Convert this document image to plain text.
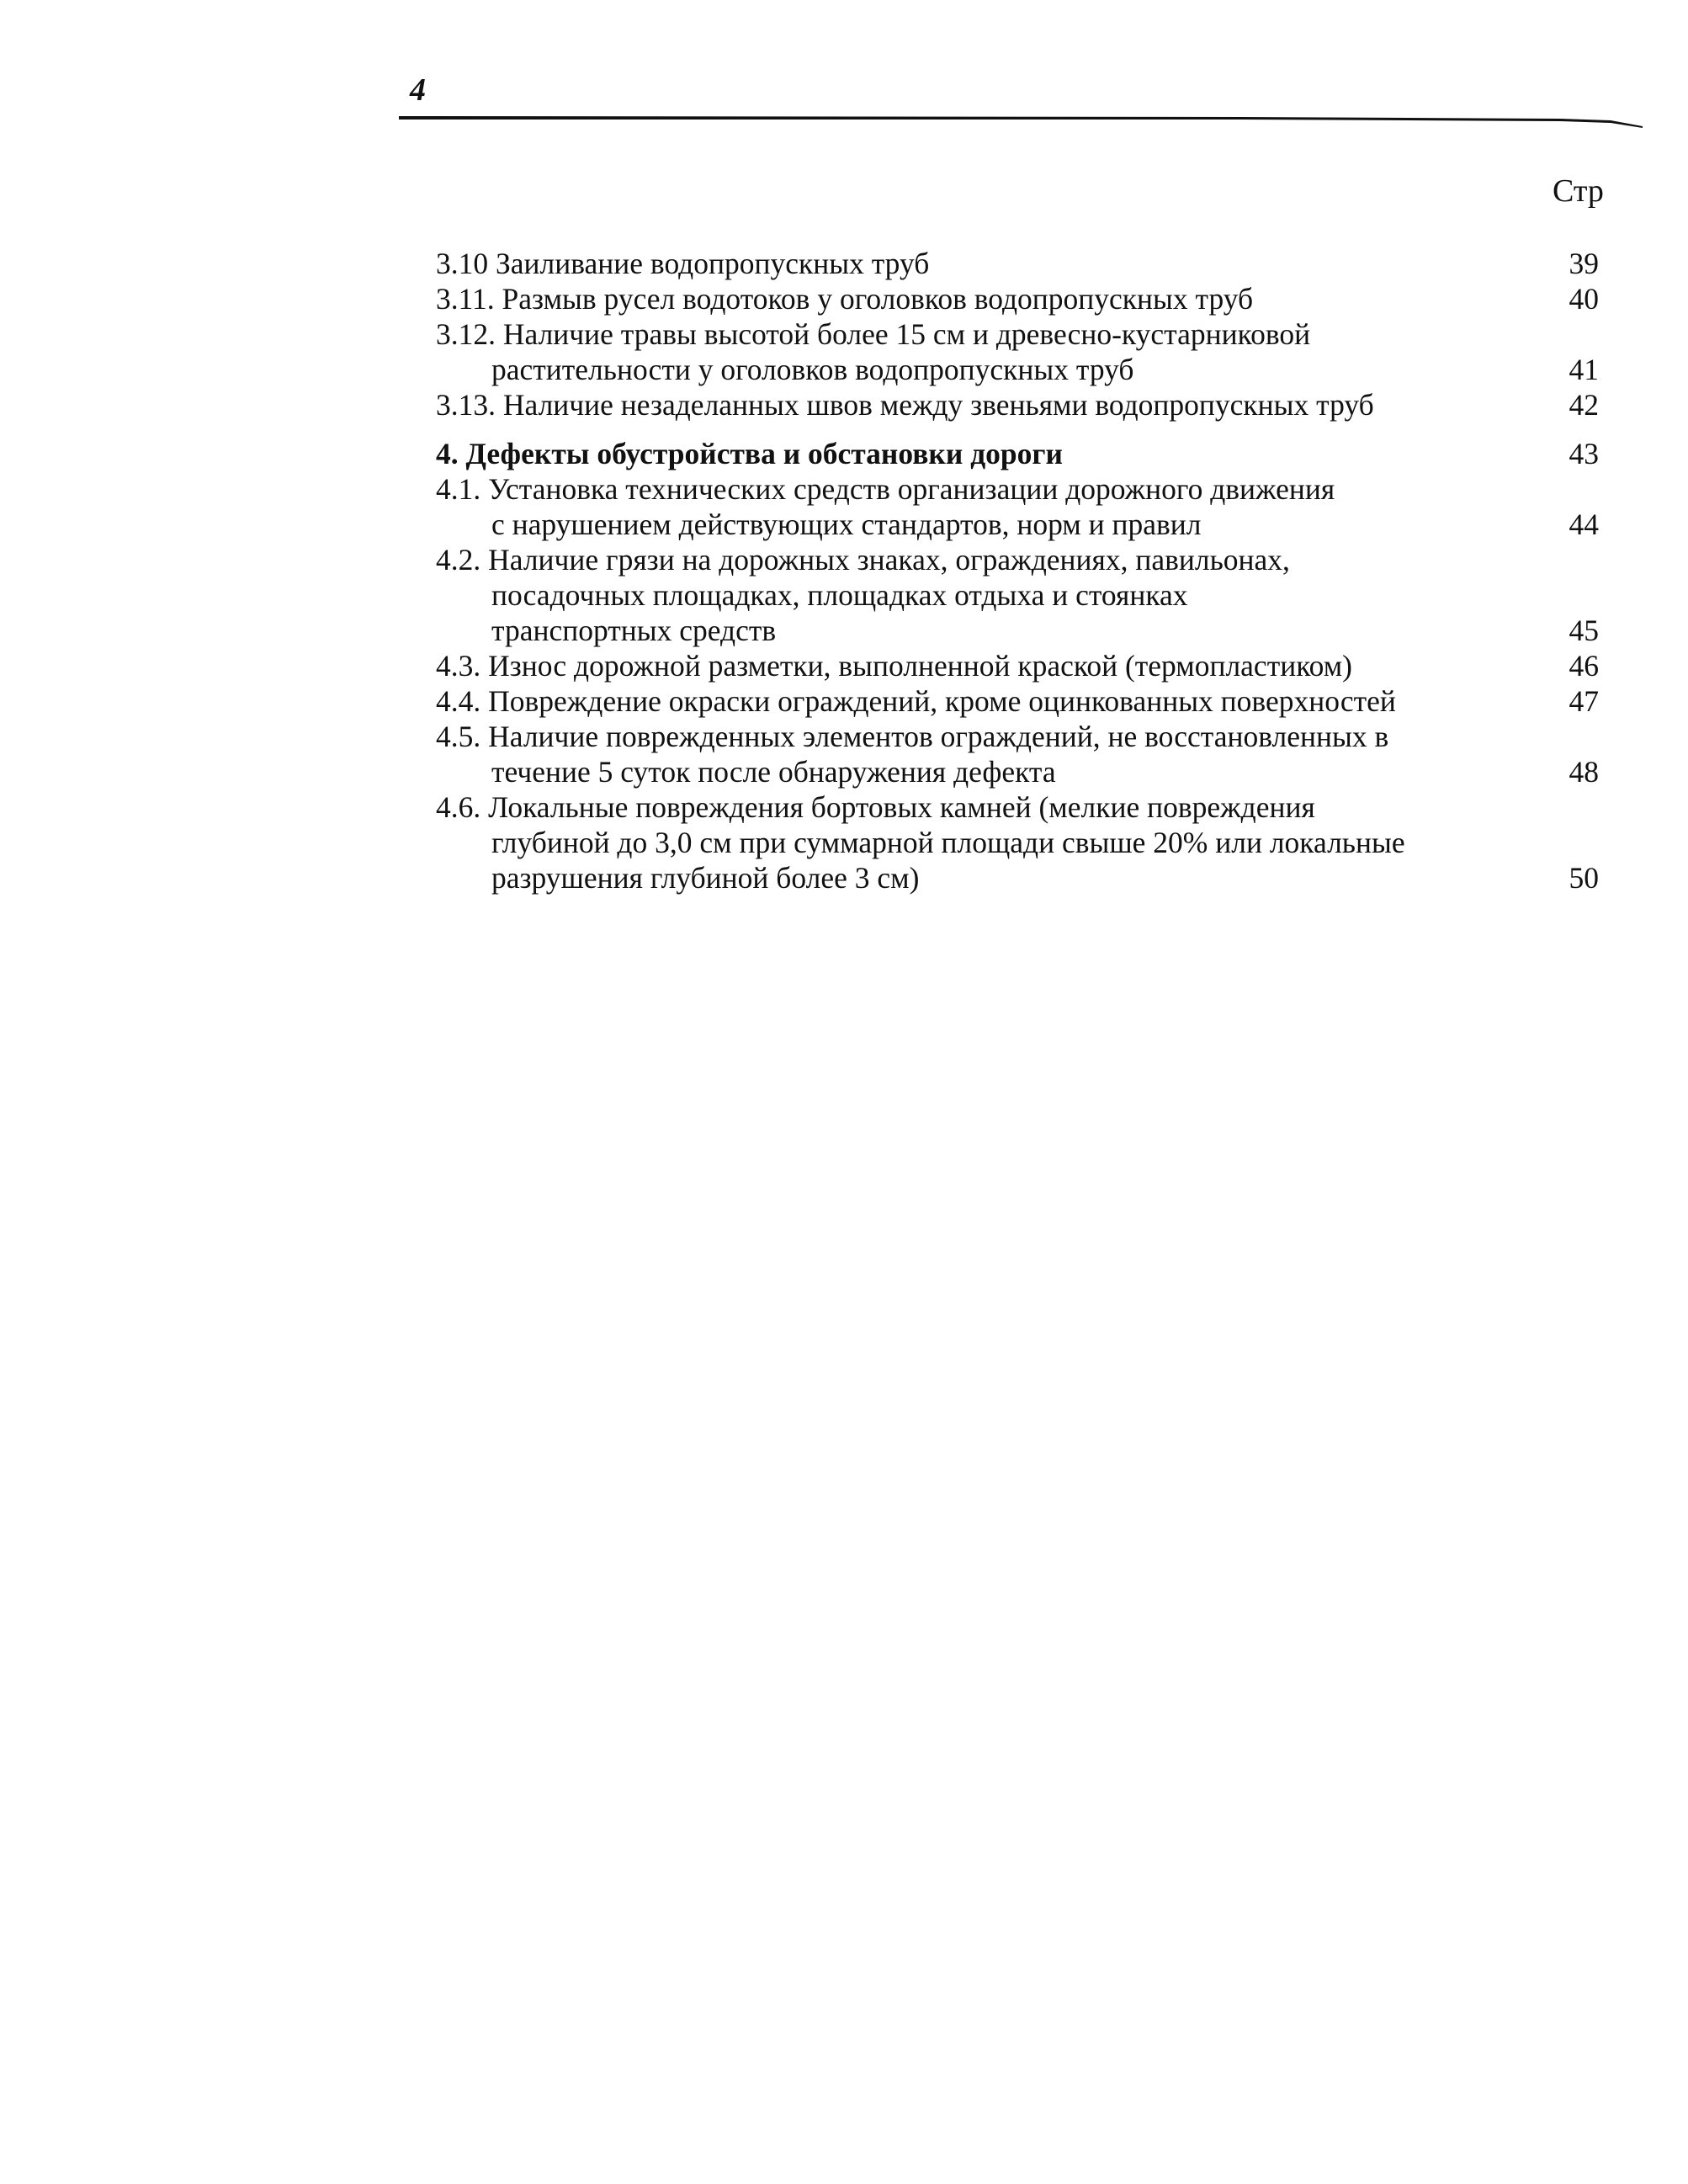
4
Стр
3.10 Заиливание водопропускных труб	39
3.11. Размыв русел водотоков у оголовков водопропускных труб	40
3.12. Наличие травы высотой более 15 см и древесно-кустарниковой
растительности у оголовков водопропускных труб	41
3.13. Наличие незаделанных швов между звеньями водопропускных труб	42
4. Дефекты обустройства и обстановки дороги	43
4.1. Установка технических средств организации дорожного движения
с нарушением действующих стандартов, норм и правил	44
4.2. Наличие грязи на дорожных знаках, ограждениях, павильонах,
посадочных площадках, площадках отдыха и стоянках
транспортных средств	45
4.3. Износ дорожной разметки, выполненной краской (термопластиком)	46
4.4. Повреждение окраски ограждений, кроме оцинкованных поверхностей	47
4.5. Наличие поврежденных элементов ограждений, не восстановленных в
течение 5 суток после обнаружения дефекта	48
4.6. Локальные повреждения бортовых камней (мелкие повреждения
глубиной до 3,0 см при суммарной площади свыше 20% или локальные
разрушения глубиной более 3 см)	50
